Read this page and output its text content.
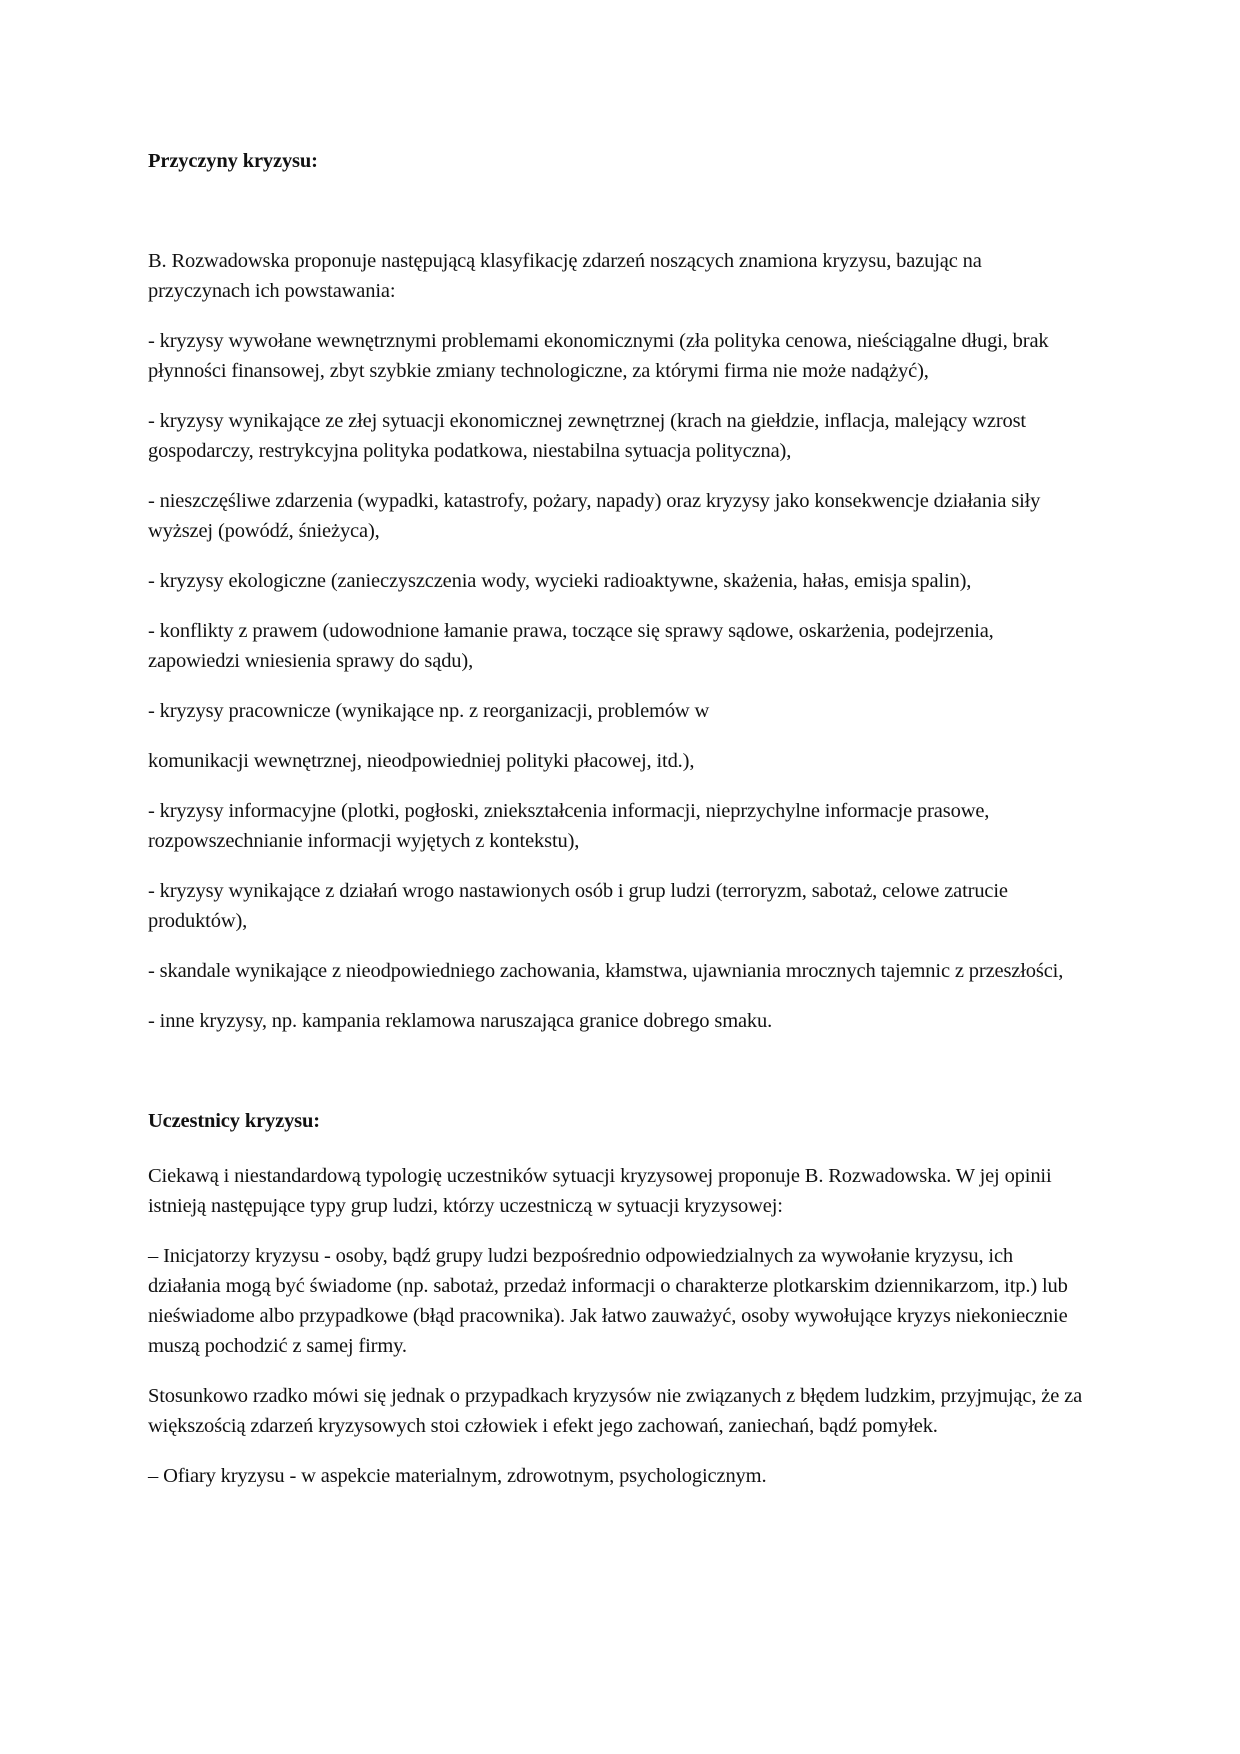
Przyczyny kryzysu:

B. Rozwadowska proponuje następującą klasyfikację zdarzeń noszących znamiona kryzysu, bazując na przyczynach ich powstawania:

- kryzysy wywołane wewnętrznymi problemami ekonomicznymi (zła polityka cenowa, nieściągalne długi, brak płynności finansowej, zbyt szybkie zmiany technologiczne, za którymi firma nie może nadążyć),

- kryzysy wynikające ze złej sytuacji ekonomicznej zewnętrznej (krach na giełdzie, inflacja, malejący wzrost gospodarczy, restrykcyjna polityka podatkowa, niestabilna sytuacja polityczna),

- nieszczęśliwe zdarzenia (wypadki, katastrofy, pożary, napady) oraz kryzysy jako konsekwencje działania siły wyższej (powódź, śnieżyca),

- kryzysy ekologiczne (zanieczyszczenia wody, wycieki radioaktywne, skażenia, hałas, emisja spalin),

- konflikty z prawem (udowodnione łamanie prawa, toczące się sprawy sądowe, oskarżenia, podejrzenia, zapowiedzi wniesienia sprawy do sądu),

- kryzysy pracownicze (wynikające np. z reorganizacji, problemów w

komunikacji wewnętrznej, nieodpowiedniej polityki płacowej, itd.),

- kryzysy informacyjne (plotki, pogłoski, zniekształcenia informacji, nieprzychylne informacje prasowe, rozpowszechnianie informacji wyjętych z kontekstu),

- kryzysy wynikające z działań wrogo nastawionych osób i grup ludzi (terroryzm, sabotaż, celowe zatrucie produktów),

- skandale wynikające z nieodpowiedniego zachowania, kłamstwa, ujawniania mrocznych tajemnic z przeszłości,

- inne kryzysy, np. kampania reklamowa naruszająca granice dobrego smaku.

Uczestnicy kryzysu:

Ciekawą i niestandardową typologię uczestników sytuacji kryzysowej proponuje B. Rozwadowska. W jej opinii istnieją następujące typy grup ludzi, którzy uczestniczą w sytuacji kryzysowej:

– Inicjatorzy kryzysu - osoby, bądź grupy ludzi bezpośrednio odpowiedzialnych za wywołanie kryzysu, ich działania mogą być świadome (np. sabotaż, przedaż informacji o charakterze plotkarskim dziennikarzom, itp.) lub nieświadome albo przypadkowe (błąd pracownika). Jak łatwo zauważyć, osoby wywołujące kryzys niekoniecznie muszą pochodzić z samej firmy.

Stosunkowo rzadko mówi się jednak o przypadkach kryzysów nie związanych z błędem ludzkim, przyjmując, że za większością zdarzeń kryzysowych stoi człowiek i efekt jego zachowań, zaniechań, bądź pomyłek.

– Ofiary kryzysu - w aspekcie materialnym, zdrowotnym, psychologicznym.
